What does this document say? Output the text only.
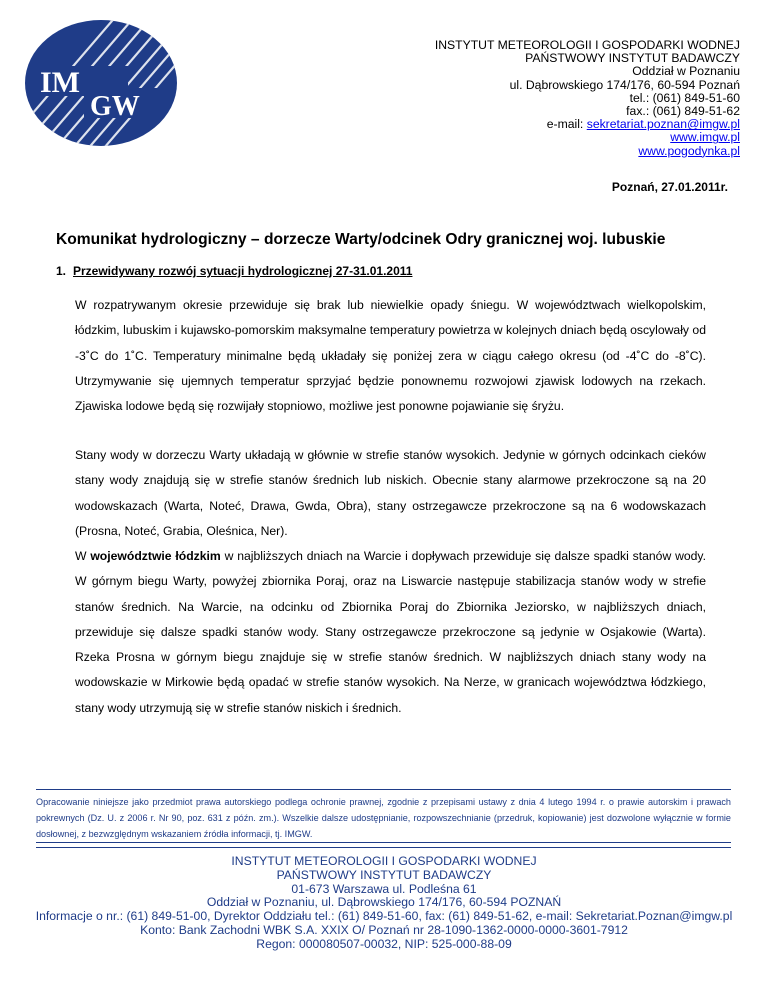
IM
GW
INSTYTUT METEOROLOGII I GOSPODARKI WODNEJ
PAŃSTWOWY INSTYTUT BADAWCZY
Oddział w Poznaniu
ul. Dąbrowskiego 174/176, 60-594 Poznań
tel.: (061) 849-51-60
fax.: (061) 849-51-62
e-mail: sekretariat.poznan@imgw.pl
www.imgw.pl
www.pogodynka.pl
Poznań, 27.01.2011r.
Komunikat hydrologiczny – dorzecze Warty/odcinek Odry granicznej woj. lubuskie
1. Przewidywany rozwój sytuacji hydrologicznej 27-31.01.2011

W rozpatrywanym okresie przewiduje się brak lub niewielkie opady śniegu. W województwach wielkopolskim, łódzkim, lubuskim i kujawsko-pomorskim maksymalne temperatury powietrza w kolejnych dniach będą oscylowały od -3˚C do 1˚C. Temperatury minimalne będą układały się poniżej zera w ciągu całego okresu (od -4˚C do -8˚C). Utrzymywanie się ujemnych temperatur sprzyjać będzie ponownemu rozwojowi zjawisk lodowych na rzekach. Zjawiska lodowe będą się rozwijały stopniowo, możliwe jest ponowne pojawianie się śryżu.

Stany wody w dorzeczu Warty układają w głównie w strefie stanów wysokich. Jedynie w górnych odcinkach cieków stany wody znajdują się w strefie stanów średnich lub niskich. Obecnie stany alarmowe przekroczone są na 20 wodowskazach (Warta, Noteć, Drawa, Gwda, Obra), stany ostrzegawcze przekroczone są na 6 wodowskazach (Prosna, Noteć, Grabia, Oleśnica, Ner).

W województwie łódzkim w najbliższych dniach na Warcie i dopływach przewiduje się dalsze spadki stanów wody. W górnym biegu Warty, powyżej zbiornika Poraj, oraz na Liswarcie następuje stabilizacja stanów wody w strefie stanów średnich. Na Warcie, na odcinku od Zbiornika Poraj do Zbiornika Jeziorsko, w najbliższych dniach, przewiduje się dalsze spadki stanów wody. Stany ostrzegawcze przekroczone są jedynie w Osjakowie (Warta). Rzeka Prosna w górnym biegu znajduje się w strefie stanów średnich. W najbliższych dniach stany wody na wodowskazie w Mirkowie będą opadać w strefie stanów wysokich. Na Nerze, w granicach województwa łódzkiego, stany wody utrzymują się w strefie stanów niskich i średnich.

Opracowanie niniejsze jako przedmiot prawa autorskiego podlega ochronie prawnej, zgodnie z przepisami ustawy z dnia 4 lutego 1994 r. o prawie autorskim i prawach pokrewnych (Dz. U. z 2006 r. Nr 90, poz. 631 z późn. zm.). Wszelkie dalsze udostępnianie, rozpowszechnianie (przedruk, kopiowanie) jest dozwolone wyłącznie w formie dosłownej, z bezwzględnym wskazaniem źródła informacji, tj. IMGW.

INSTYTUT METEOROLOGII I GOSPODARKI WODNEJ
PAŃSTWOWY INSTYTUT BADAWCZY
01-673 Warszawa ul. Podleśna 61
Oddział w Poznaniu, ul. Dąbrowskiego 174/176, 60-594 POZNAŃ
Informacje o nr.: (61) 849-51-00, Dyrektor Oddziału tel.: (61) 849-51-60, fax: (61) 849-51-62, e-mail: Sekretariat.Poznan@imgw.pl
Konto: Bank Zachodni WBK S.A. XXIX O/ Poznań nr 28-1090-1362-0000-0000-3601-7912
Regon: 000080507-00032, NIP: 525-000-88-09
